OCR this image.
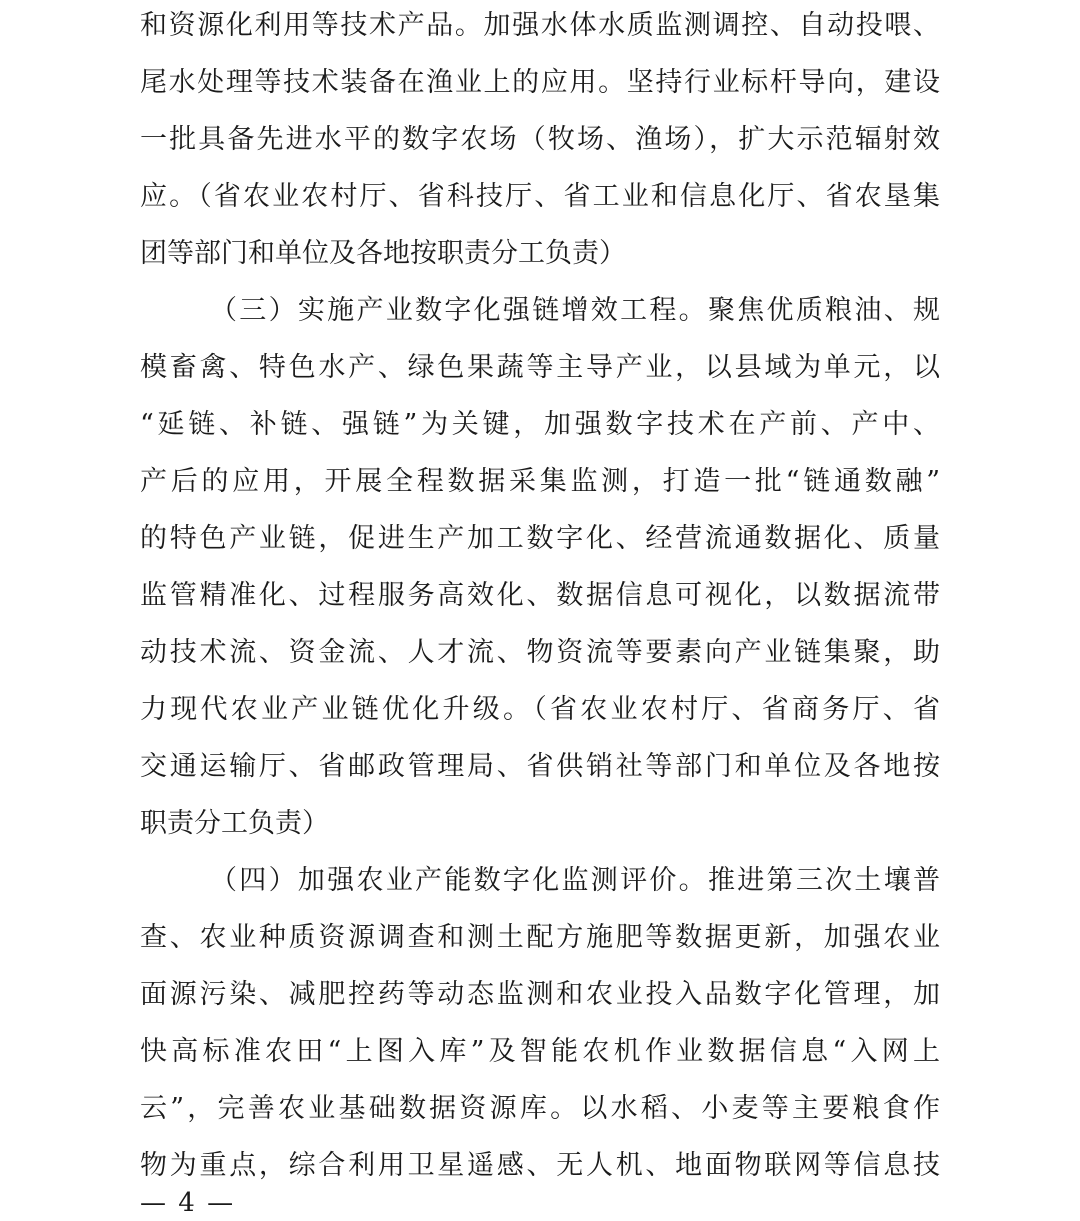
和资源化利用等技术产品。加强水体水质监测调控、自动投喂、
尾水处理等技术装备在渔业上的应用。坚持行业标杆导向，建设
一批具备先进水平的数字农场（牧场、渔场），扩大示范辐射效
应。（省农业农村厅、省科技厅、省工业和信息化厅、省农垦集
团等部门和单位及各地按职责分工负责）
（三）实施产业数字化强链增效工程。聚焦优质粮油、规
模畜禽、特色水产、绿色果蔬等主导产业，以县域为单元，以
“延链、补链、强链”为关键，加强数字技术在产前、产中、
产后的应用，开展全程数据采集监测，打造一批“链通数融”
的特色产业链，促进生产加工数字化、经营流通数据化、质量
监管精准化、过程服务高效化、数据信息可视化，以数据流带
动技术流、资金流、人才流、物资流等要素向产业链集聚，助
力现代农业产业链优化升级。（省农业农村厅、省商务厅、省
交通运输厅、省邮政管理局、省供销社等部门和单位及各地按
职责分工负责）
（四）加强农业产能数字化监测评价。推进第三次土壤普
查、农业种质资源调查和测土配方施肥等数据更新，加强农业
面源污染、减肥控药等动态监测和农业投入品数字化管理，加
快高标准农田“上图入库”及智能农机作业数据信息“入网上
云”，完善农业基础数据资源库。以水稻、小麦等主要粮食作
物为重点，综合利用卫星遥感、无人机、地面物联网等信息技
— 4 —
